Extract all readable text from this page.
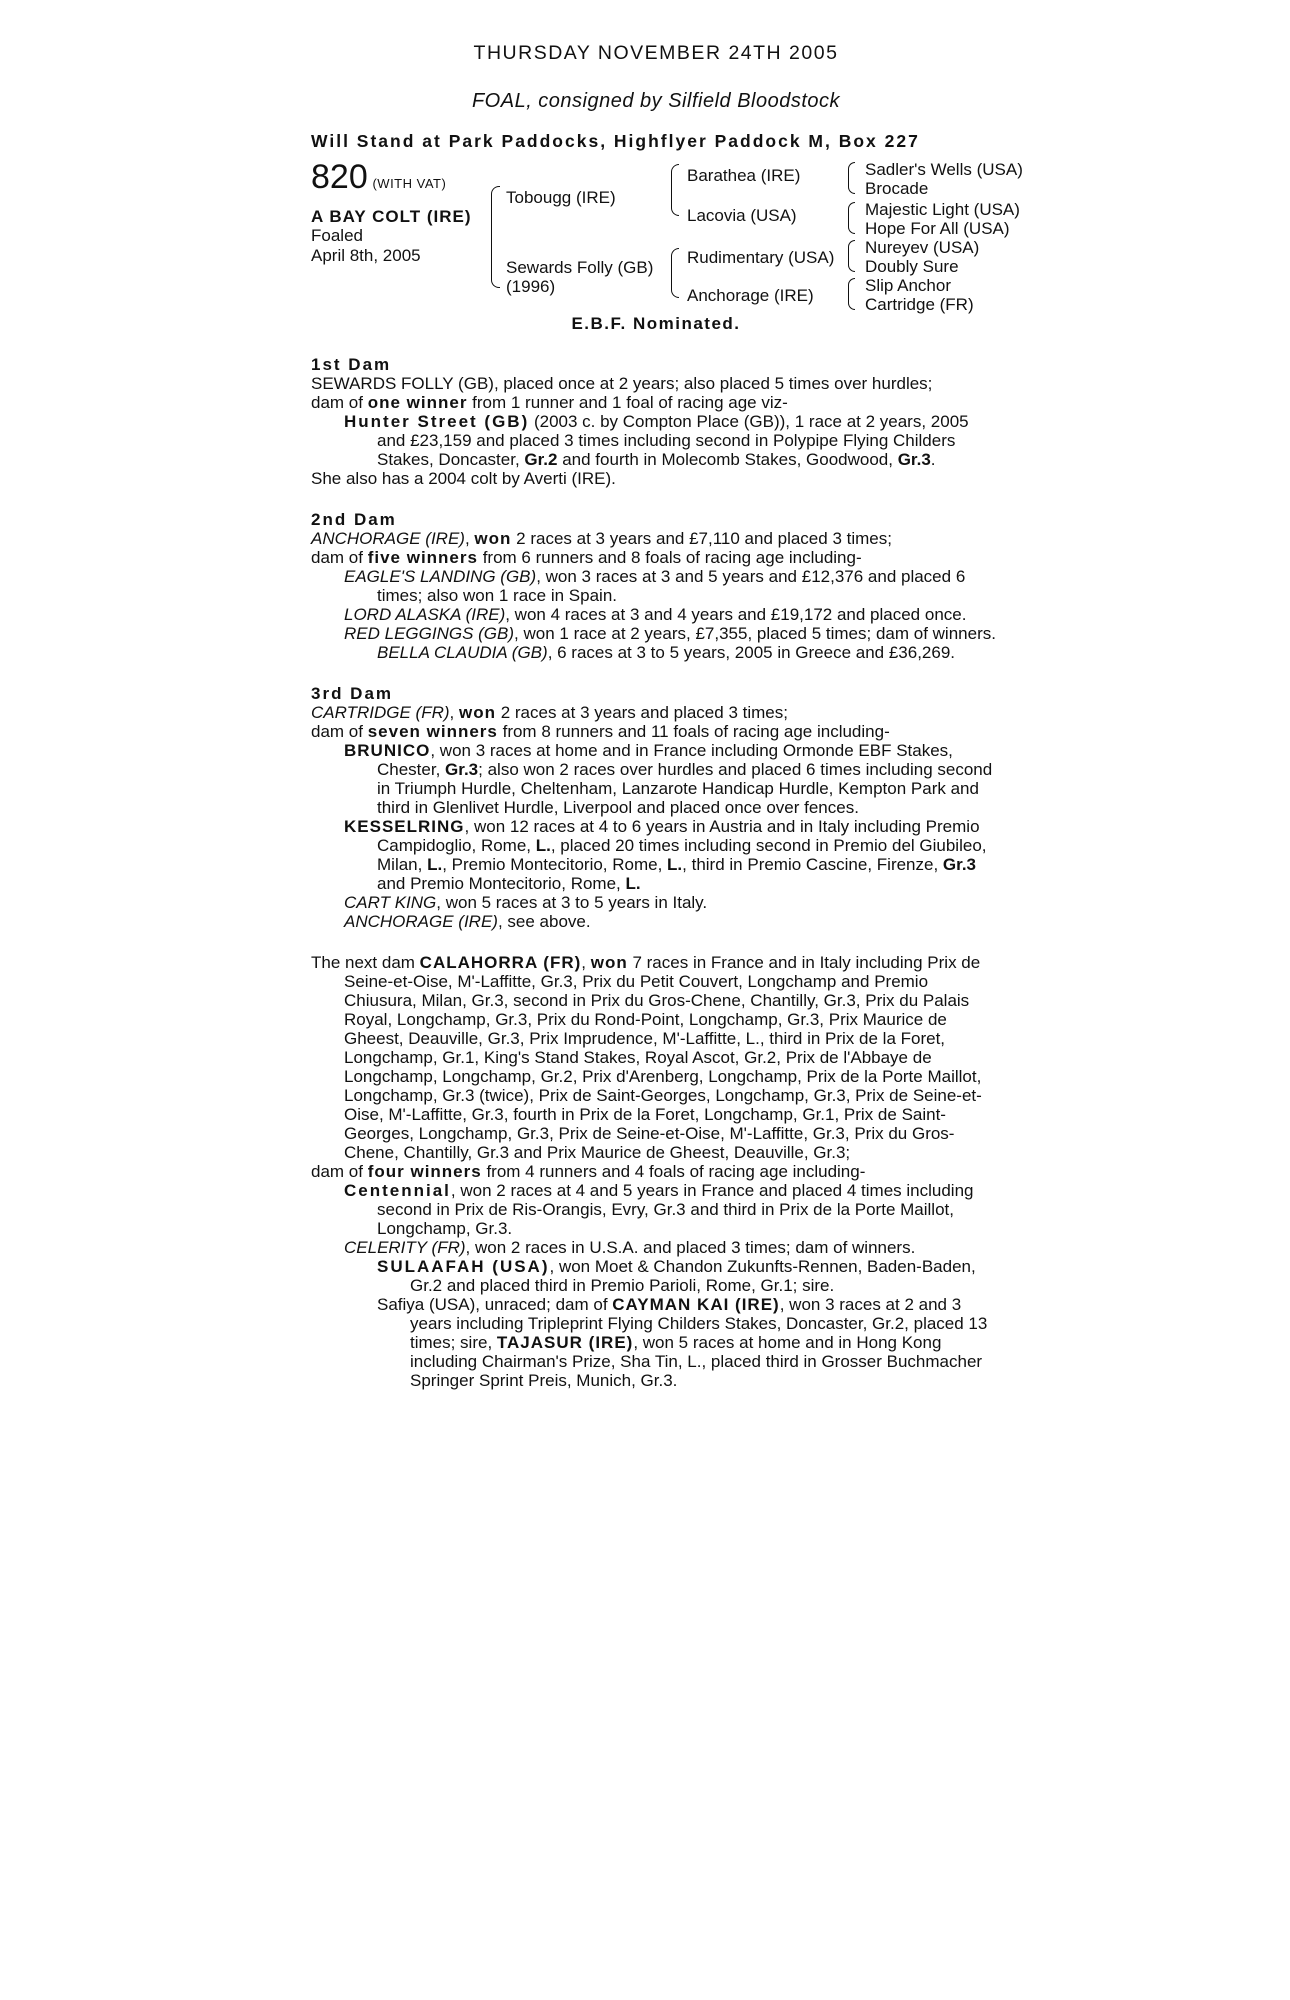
THURSDAY NOVEMBER 24TH 2005
FOAL, consigned by Silfield Bloodstock
Will Stand at Park Paddocks, Highflyer Paddock M, Box 227
820 (WITH VAT)
A BAY COLT (IRE)
Foaled
April 8th, 2005
Tobougg (IRE)
Sewards Folly (GB)
(1996)
Barathea (IRE)
Lacovia (USA)
Rudimentary (USA)
Anchorage (IRE)
Sadler's Wells (USA)
Brocade
Majestic Light (USA)
Hope For All (USA)
Nureyev (USA)
Doubly Sure
Slip Anchor
Cartridge (FR)
E.B.F. Nominated.

1st Dam

SEWARDS FOLLY (GB), placed once at 2 years; also placed 5 times over hurdles;

dam of one winner from 1 runner and 1 foal of racing age viz-

Hunter Street (GB) (2003 c. by Compton Place (GB)), 1 race at 2 years, 2005 and £23,159 and placed 3 times including second in Polypipe Flying Childers Stakes, Doncaster, Gr.2 and fourth in Molecomb Stakes, Goodwood, Gr.3.

She also has a 2004 colt by Averti (IRE).

2nd Dam

ANCHORAGE (IRE), won 2 races at 3 years and £7,110 and placed 3 times;

dam of five winners from 6 runners and 8 foals of racing age including-

EAGLE'S LANDING (GB), won 3 races at 3 and 5 years and £12,376 and placed 6 times; also won 1 race in Spain.

LORD ALASKA (IRE), won 4 races at 3 and 4 years and £19,172 and placed once.

RED LEGGINGS (GB), won 1 race at 2 years, £7,355, placed 5 times; dam of winners.

BELLA CLAUDIA (GB), 6 races at 3 to 5 years, 2005 in Greece and £36,269.

3rd Dam

CARTRIDGE (FR), won 2 races at 3 years and placed 3 times;

dam of seven winners from 8 runners and 11 foals of racing age including-

BRUNICO, won 3 races at home and in France including Ormonde EBF Stakes, Chester, Gr.3; also won 2 races over hurdles and placed 6 times including second in Triumph Hurdle, Cheltenham, Lanzarote Handicap Hurdle, Kempton Park and third in Glenlivet Hurdle, Liverpool and placed once over fences.

KESSELRING, won 12 races at 4 to 6 years in Austria and in Italy including Premio Campidoglio, Rome, L., placed 20 times including second in Premio del Giubileo, Milan, L., Premio Montecitorio, Rome, L., third in Premio Cascine, Firenze, Gr.3 and Premio Montecitorio, Rome, L.

CART KING, won 5 races at 3 to 5 years in Italy.

ANCHORAGE (IRE), see above.

The next dam CALAHORRA (FR), won 7 races in France and in Italy including Prix de Seine-et-Oise, M'-Laffitte, Gr.3, Prix du Petit Couvert, Longchamp and Premio Chiusura, Milan, Gr.3, second in Prix du Gros-Chene, Chantilly, Gr.3, Prix du Palais Royal, Longchamp, Gr.3, Prix du Rond-Point, Longchamp, Gr.3, Prix Maurice de Gheest, Deauville, Gr.3, Prix Imprudence, M'-Laffitte, L., third in Prix de la Foret, Longchamp, Gr.1, King's Stand Stakes, Royal Ascot, Gr.2, Prix de l'Abbaye de Longchamp, Longchamp, Gr.2, Prix d'Arenberg, Longchamp, Prix de la Porte Maillot, Longchamp, Gr.3 (twice), Prix de Saint-Georges, Longchamp, Gr.3, Prix de Seine-et-Oise, M'-Laffitte, Gr.3, fourth in Prix de la Foret, Longchamp, Gr.1, Prix de Saint-Georges, Longchamp, Gr.3, Prix de Seine-et-Oise, M'-Laffitte, Gr.3, Prix du Gros-Chene, Chantilly, Gr.3 and Prix Maurice de Gheest, Deauville, Gr.3;

dam of four winners from 4 runners and 4 foals of racing age including-

Centennial, won 2 races at 4 and 5 years in France and placed 4 times including second in Prix de Ris-Orangis, Evry, Gr.3 and third in Prix de la Porte Maillot, Longchamp, Gr.3.

CELERITY (FR), won 2 races in U.S.A. and placed 3 times; dam of winners.

SULAAFAH (USA), won Moet & Chandon Zukunfts-Rennen, Baden-Baden, Gr.2 and placed third in Premio Parioli, Rome, Gr.1; sire.

Safiya (USA), unraced; dam of CAYMAN KAI (IRE), won 3 races at 2 and 3 years including Tripleprint Flying Childers Stakes, Doncaster, Gr.2, placed 13 times; sire, TAJASUR (IRE), won 5 races at home and in Hong Kong including Chairman's Prize, Sha Tin, L., placed third in Grosser Buchmacher Springer Sprint Preis, Munich, Gr.3.
